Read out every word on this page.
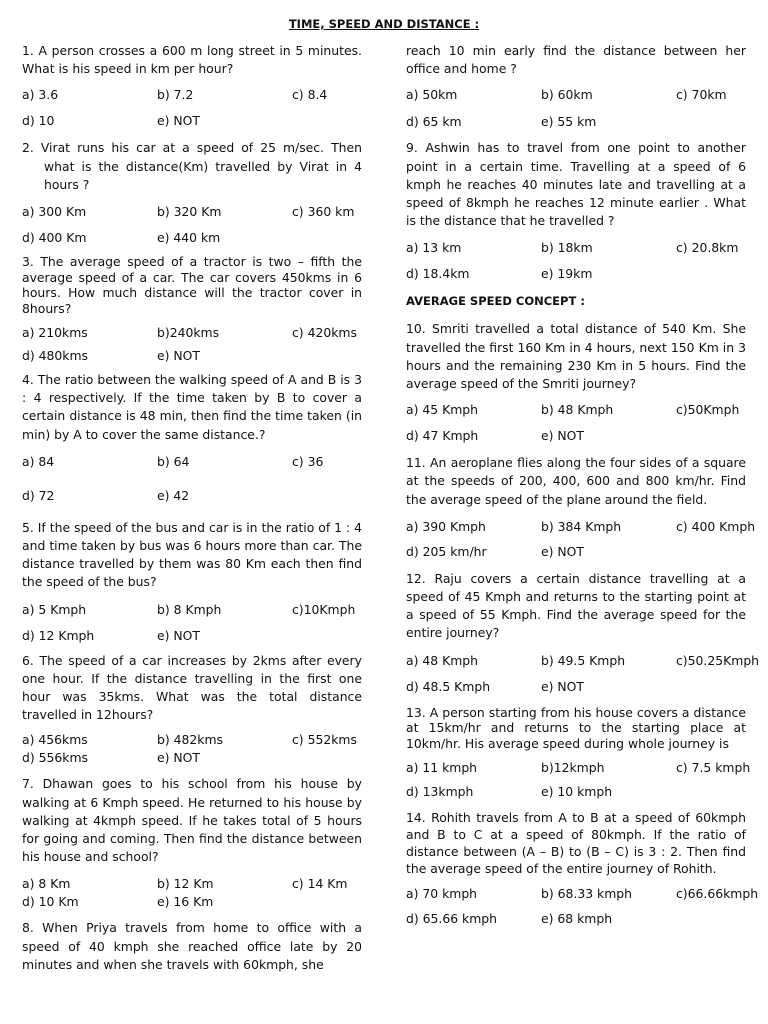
TIME, SPEED AND DISTANCE :

1. A person crosses a 600 m long street in 5 minutes. What is his speed in km per hour?

a) 3.6	b) 7.2	c) 8.4
d) 10	e) NOT

2. Virat runs his car at a speed of 25 m/sec. Then what is the distance(Km) travelled by Virat in 4 hours ?

a) 300 Km	b) 320 Km	c) 360 km
d) 400 Km	e) 440 km

3. The average speed of a tractor is two – fifth the average speed of a car. The car covers 450kms in 6 hours. How much distance will the tractor cover in 8hours?

a) 210kms	b)240kms	c) 420kms
d) 480kms	e) NOT

4. The ratio between the walking speed of A and B is 3 : 4 respectively. If the time taken by B to cover a certain distance is 48 min, then find the time taken (in min) by A to cover the same distance.?

a) 84	b) 64	c) 36
d) 72	e) 42

5. If the speed of the bus and car is in the ratio of 1 : 4 and time taken by bus was 6 hours more than car. The distance travelled by them was 80 Km each then find the speed of the bus?

a) 5 Kmph	b) 8 Kmph	c)10Kmph
d) 12 Kmph	e) NOT

6. The speed of a car increases by 2kms after every one hour. If the distance travelling in the first one hour was 35kms. What was the total distance travelled in 12hours?

a) 456kms	b) 482kms	c) 552kms
d) 556kms	e) NOT

7. Dhawan goes to his school from his house by walking at 6 Kmph speed. He returned to his house by walking at 4kmph speed. If he takes total of 5 hours for going and coming. Then find the distance between his house and school?

a) 8 Km	b) 12 Km	c) 14 Km
d) 10 Km	e) 16 Km

8. When Priya travels from home to office with a speed of 40 kmph she reached office late by 20 minutes and when she travels with 60kmph, she

reach 10 min early find the distance between her office and home ?

a) 50km	b) 60km	c) 70km
d) 65 km	e) 55 km

9. Ashwin has to travel from one point to another point in a certain time. Travelling at a speed of 6 kmph he reaches 40 minutes late and travelling at a speed of 8kmph he reaches 12 minute earlier . What is the distance that he travelled ?

a) 13 km	b) 18km	c) 20.8km
d) 18.4km	e) 19km

AVERAGE SPEED CONCEPT :

10. Smriti travelled a total distance of 540 Km. She travelled the first 160 Km in 4 hours, next 150 Km in 3 hours and the remaining 230 Km in 5 hours. Find the average speed of the Smriti journey?

a) 45 Kmph	b) 48 Kmph	c)50Kmph
d) 47 Kmph	e) NOT

11. An aeroplane flies along the four sides of a square at the speeds of 200, 400, 600 and 800 km/hr. Find the average speed of the plane around the field.

a) 390 Kmph	b) 384 Kmph	c) 400 Kmph
d) 205 km/hr	e) NOT

12. Raju covers a certain distance travelling at a speed of 45 Kmph and returns to the starting point at a speed of 55 Kmph. Find the average speed for the entire journey?

a) 48 Kmph	b) 49.5 Kmph	c)50.25Kmph
d) 48.5 Kmph	e) NOT

13. A person starting from his house covers a distance at 15km/hr and returns to the starting place at 10km/hr. His average speed during whole journey is

a) 11 kmph	b)12kmph	c) 7.5 kmph
d) 13kmph	e) 10 kmph

14. Rohith travels from A to B at a speed of 60kmph and B to C at a speed of 80kmph. If the ratio of distance between (A – B) to (B – C) is 3 : 2. Then find the average speed of the entire journey of Rohith.

a) 70 kmph	b) 68.33 kmph	c)66.66kmph
d) 65.66 kmph	e) 68 kmph
